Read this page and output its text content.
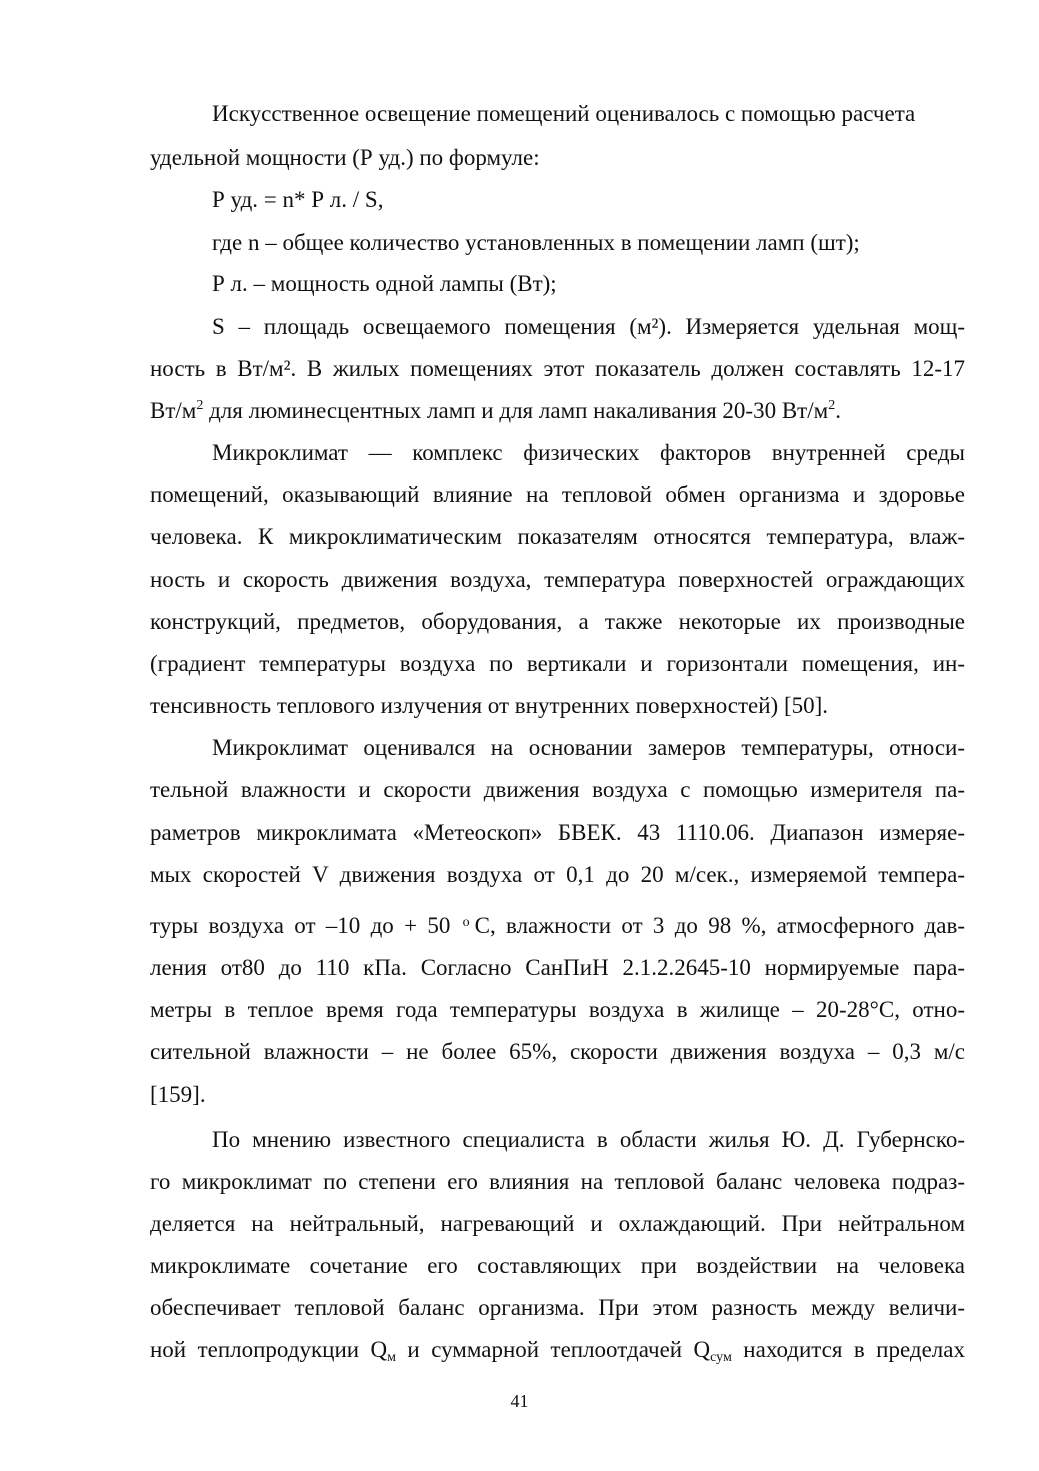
Искусственное освещение помещений оценивалось с помощью расчета

удельной мощности (Р уд.) по формуле:

Р уд. = n* Р л. / S,

где n – общее количество установленных в помещении ламп (шт);

Р л. – мощность одной лампы (Вт);

S – площадь освещаемого помещения (м²). Измеряется удельная мощ-

ность в Вт/м². В жилых помещениях этот показатель должен составлять 12-17

$Вт/м^2$ для люминесцентных ламп и для ламп накаливания 20-30 $Вт/м^2$.

Микроклимат — комплекс физических факторов внутренней среды

помещений, оказывающий влияние на тепловой обмен организма и здоровье

человека. К микроклиматическим показателям относятся температура, влаж-

ность и скорость движения воздуха, температура поверхностей ограждающих

конструкций, предметов, оборудования, а также некоторые их производные

(градиент температуры воздуха по вертикали и горизонтали помещения, ин-

тенсивность теплового излучения от внутренних поверхностей) [50].

Микроклимат оценивался на основании замеров температуры, относи-

тельной влажности и скорости движения воздуха с помощью измерителя па-

раметров микроклимата «Метеоскоп» БВЕК. 43 1110.06. Диапазон измеряе-

мых скоростей V движения воздуха от 0,1 до 20 м/сек., измеряемой темпера-

туры воздуха от –10 до + 50 о С, влажности от 3 до 98 %, атмосферного дав-

ления от80 до 110 кПа. Согласно СанПиН 2.1.2.2645-10 нормируемые пара-

метры в теплое время года температуры воздуха в жилище – 20-28°С, отно-

сительной влажности – не более 65%, скорости движения воздуха – 0,3 м/с

[159].

По мнению известного специалиста в области жилья Ю. Д. Губернско-

го микроклимат по степени его влияния на тепловой баланс человека подраз-

деляется на нейтральный, нагревающий и охлаждающий. При нейтральном

микроклимате сочетание его составляющих при воздействии на человека

обеспечивает тепловой баланс организма. При этом разность между величи-

ной теплопродукции $Q_м$ и суммарной теплоотдачей $Q_{сум}$ находится в пределах

41
